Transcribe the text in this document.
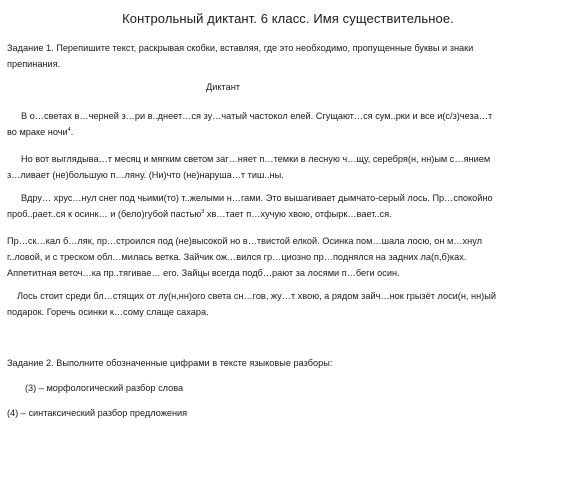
Контрольный диктант. 6 класс. Имя существительное.
Задание 1. Перепишите текст, раскрывая скобки, вставляя, где это необходимо, пропущенные буквы и знаки
препинания.
Диктант
В о…светах в…черней з…ри в..днеет…ся зу…чатый частокол елей. Сгущают…ся сум..рки и все и(с/з)чеза…т
во мраке ночи$^4$.
Но вот выглядыва…т месяц и мягким светом заг…няет п…темки в лесную ч…щу, серебря(н, нн)ым с…янием
з…ливает (не)большую п…ляну. (Ни)что (не)наруша…т тиш..ны.
Вдру… хрус…нул снег под чьими(то) т..желыми н…гами. Это вышагивает дымчато-серый лось. Пр…спокойно
проб..рает..ся к осинк… и (бело)губой пастью$^3$ хв…тает п…хучую хвою, отфырк…вает..ся.
Пр…ск…кал б…ляк, пр…строился под (не)высокой но в…твистой елкой. Осинка пом…шала лосю, он м…хнул
г..ловой, и с треском обл…милась ветка. Зайчик ож…вился гр…циозно пр…поднялся на задних ла(п,б)ках.
Аппетитная веточ…ка пр..тягивае… его. Зайцы всегда подб…рают за лосями п…беги осин.
Лось стоит среди бл…стящих от лу(н,нн)ого света сн…гов, жу…т хвою, а рядом зайч…нок грызёт лоси(н, нн)ый
подарок. Горечь осинки к…сому слаще сахара.
Задание 2. Выполните обозначенные цифрами в тексте языковые разборы:
(3) – морфологический разбор слова
(4) – синтаксический разбор предложения
